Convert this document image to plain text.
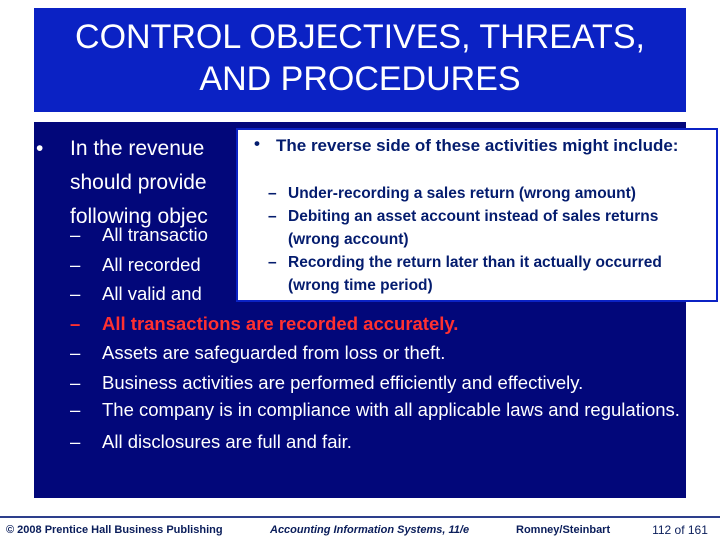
CONTROL OBJECTIVES, THREATS,
AND PROCEDURES
• In the revenue
should provide
following objec
– All transactio
– All recorded
– All valid and
– All transactions are recorded accurately.
– Assets are safeguarded from loss or theft.
– Business activities are performed efficiently and effectively.
– The company is in compliance with all applicable laws and regulations.
– All disclosures are full and fair.
• The reverse side of these activities might include:
– Under-recording a sales return (wrong amount)
– Debiting an asset account instead of sales returns (wrong account)
– Recording the return later than it actually occurred (wrong time period)
© 2008 Prentice Hall Business Publishing	Accounting Information Systems, 11/e	Romney/Steinbart	112 of 161
